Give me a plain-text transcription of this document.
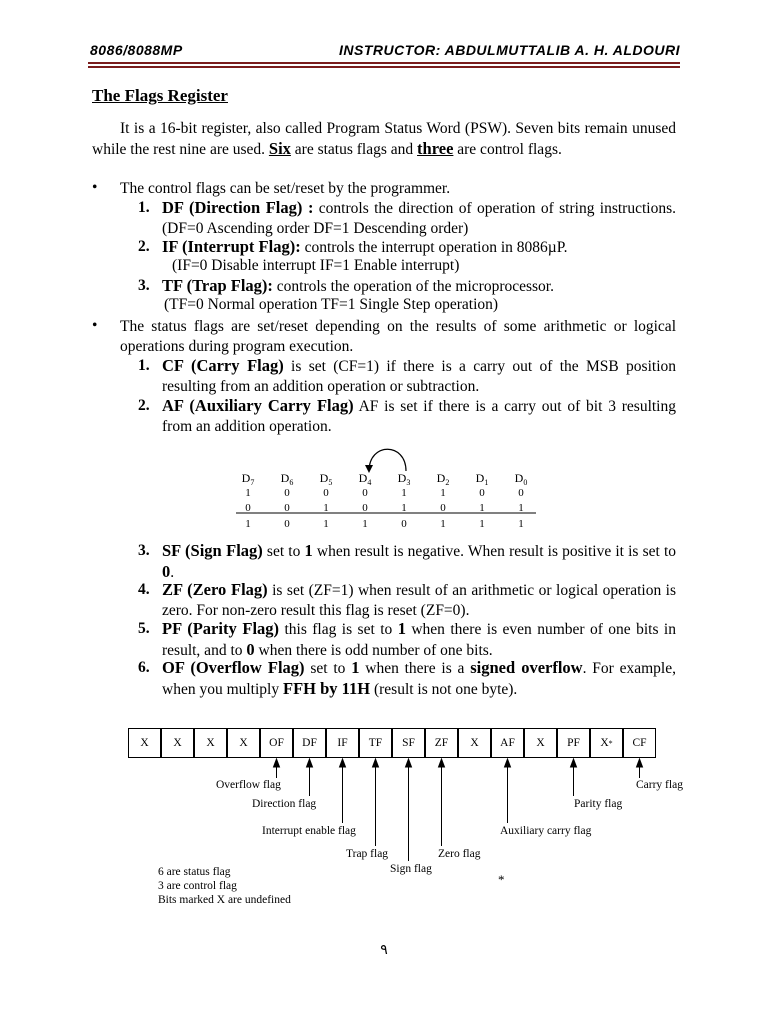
8086/8088MP	INSTRUCTOR: ABDULMUTTALIB A. H. ALDOURI
The Flags Register
It is a 16-bit register, also called Program Status Word (PSW). Seven bits remain unused while the rest nine are used. Six are status flags and three are control flags.
• The control flags can be set/reset by the programmer.
1. DF (Direction Flag) : controls the direction of operation of string instructions. (DF=0 Ascending order DF=1 Descending order)
2. IF (Interrupt Flag): controls the interrupt operation in 8086µP.
(IF=0 Disable interrupt IF=1 Enable interrupt)
3. TF (Trap Flag): controls the operation of the microprocessor.
(TF=0 Normal operation TF=1 Single Step operation)
• The status flags are set/reset depending on the results of some arithmetic or logical operations during program execution.
1. CF (Carry Flag) is set (CF=1) if there is a carry out of the MSB position resulting from an addition operation or subtraction.
2. AF (Auxiliary Carry Flag) AF is set if there is a carry out of bit 3 resulting from an addition operation.
$D_7$ $D_6$ $D_5$ $D_4$ $D_3$ $D_2$ $D_1$ $D_0$
1	0	0	0	1	1	0	0
0	0	1	0	1	0	1	1
1	0	1	1	0	1	1	1
3. SF (Sign Flag) set to 1 when result is negative. When result is positive it is set to 0.
4. ZF (Zero Flag) is set (ZF=1) when result of an arithmetic or logical operation is zero. For non-zero result this flag is reset (ZF=0).
5. PF (Parity Flag) this flag is set to 1 when there is even number of one bits in result, and to 0 when there is odd number of one bits.
6. OF (Overflow Flag) set to 1 when there is a signed overflow. For example, when you multiply FFH by 11H (result is not one byte).
X	X	X	X	OF	DF	IF	TF	SF	ZF	X	AF	X	PF	X *	CF
Overflow flag
Direction flag
Interrupt enable flag
Trap flag
Sign flag
Zero flag
Auxiliary carry flag
Parity flag
Carry flag
6 are status flag
3 are control flag
Bits marked X are undefined
*
٩
